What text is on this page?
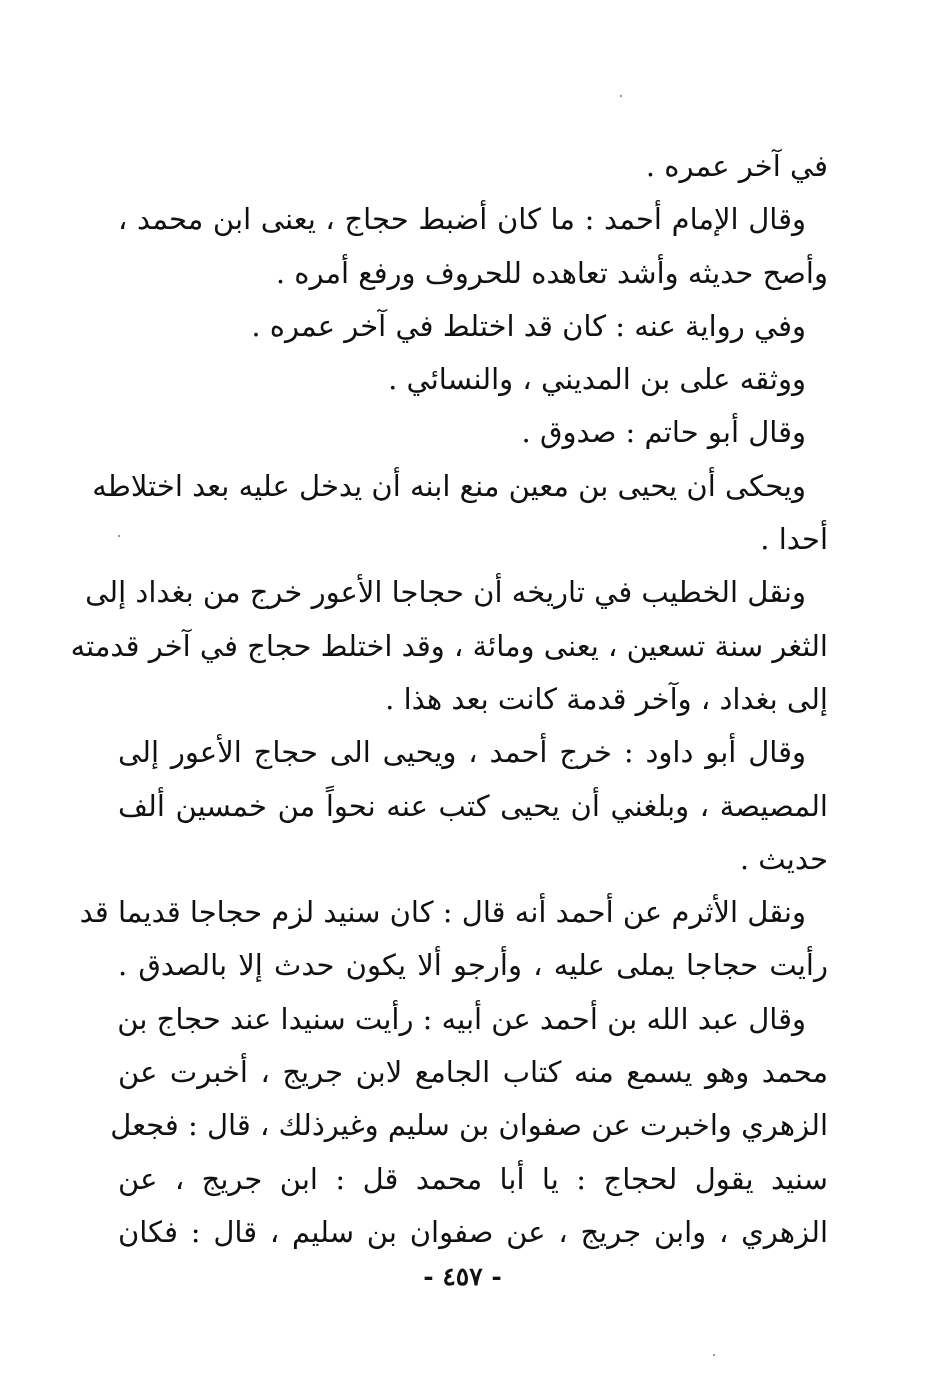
في آخر عمره .
وقال الإمام أحمد : ما كان أضبط حجاج ، يعنى ابن محمد ،
وأصح حديثه وأشد تعاهده للحروف ورفع أمره .
وفي رواية عنه : كان قد اختلط في آخر عمره .
ووثقه على بن المديني ، والنسائي .
وقال أبو حاتم : صدوق .
ويحكى أن يحيى بن معين منع ابنه أن يدخل عليه بعد اختلاطه
أحدا .
ونقل الخطيب في تاريخه أن حجاجا الأعور خرج من بغداد إلى
الثغر سنة تسعين ، يعنى ومائة ، وقد اختلط حجاج في آخر قدمته
إلى بغداد ، وآخر قدمة كانت بعد هذا .
وقال أبو داود : خرج أحمد ، ويحيى الى حجاج الأعور إلى
المصيصة ، وبلغني أن يحيى كتب عنه نحواً من خمسين ألف
حديث .
ونقل الأثرم عن أحمد أنه قال : كان سنيد لزم حجاجا قديما قد
رأيت حجاجا يملى عليه ، وأرجو ألا يكون حدث إلا بالصدق .
وقال عبد الله بن أحمد عن أبيه : رأيت سنيدا عند حجاج بن
محمد وهو يسمع منه كتاب الجامع لابن جريج ، أخبرت عن
الزهري واخبرت عن صفوان بن سليم وغيرذلك ، قال : فجعل
سنيد يقول لحجاج : يا أبا محمد قل : ابن جريج ، عن
الزهري ، وابن جريج ، عن صفوان بن سليم ، قال : فكان
- ٤٥٧ -
